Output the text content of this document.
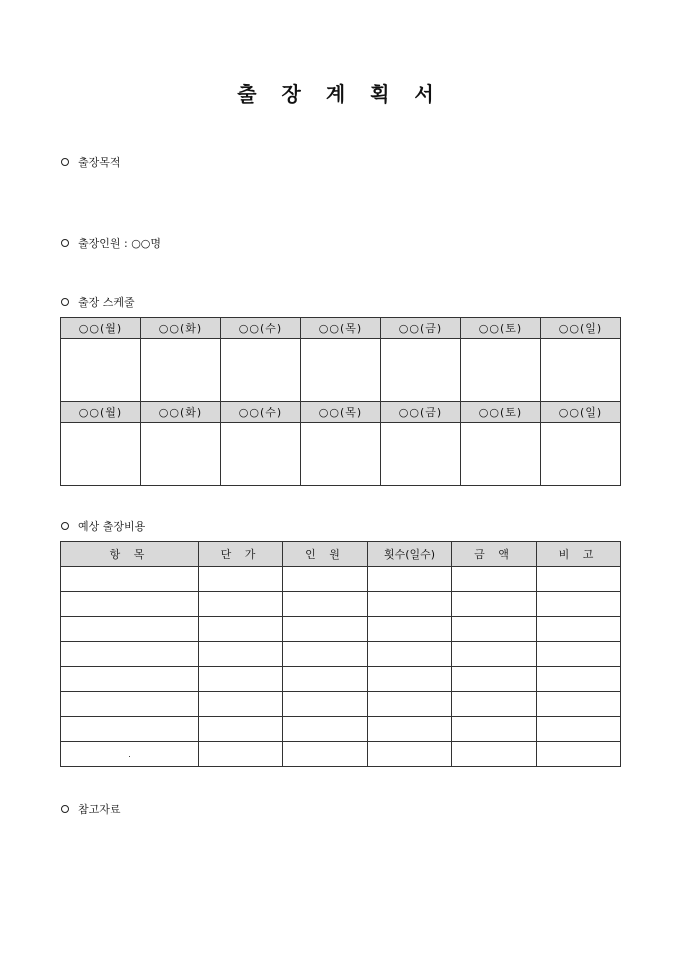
출 장 계 획 서
출장목적
출장인원 : ○○명
출장 스케줄
○○(월)	○○(화)	○○(수)	○○(목)	○○(금)	○○(토)	○○(일)

○○(월)	○○(화)	○○(수)	○○(목)	○○(금)	○○(토)	○○(일)

예상 출장비용
항 목	단 가	인 원	횟수(일수)	금 액	비 고

.					
참고자료
